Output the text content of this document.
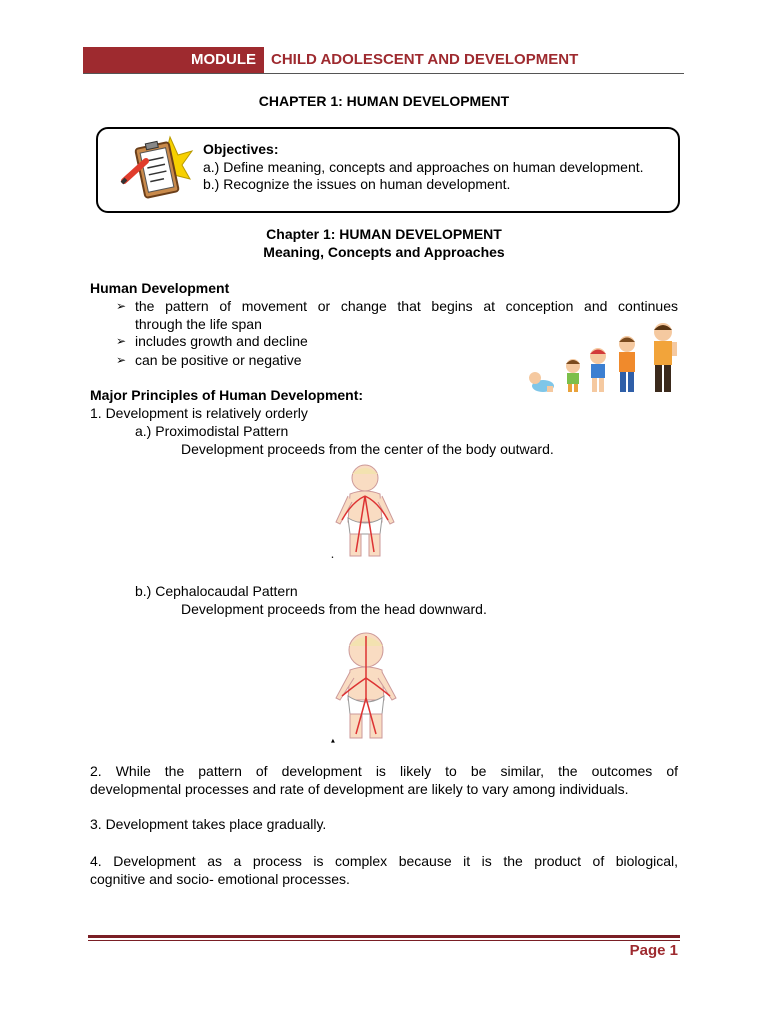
MODULE	CHILD ADOLESCENT AND DEVELOPMENT
CHAPTER 1: HUMAN DEVELOPMENT
Objectives:
a.) Define meaning, concepts and approaches on human development.
b.) Recognize the issues on human development.
Chapter 1: HUMAN DEVELOPMENT
Meaning, Concepts and Approaches
Human Development
➢ the pattern of movement or change that begins at conception and continues
through the life span
➢ includes growth and decline
➢ can be positive or negative
Major Principles of Human Development:
1. Development is relatively orderly
a.) Proximodistal Pattern
Development proceeds from the center of the body outward.
•
b.) Cephalocaudal Pattern
Development proceeds from the head downward.
▲
2. While the pattern of development is likely to be similar, the outcomes of
developmental processes and rate of development are likely to vary among individuals.
3. Development takes place gradually.
4. Development as a process is complex because it is the product of biological,
cognitive and socio- emotional processes.
Page 1
